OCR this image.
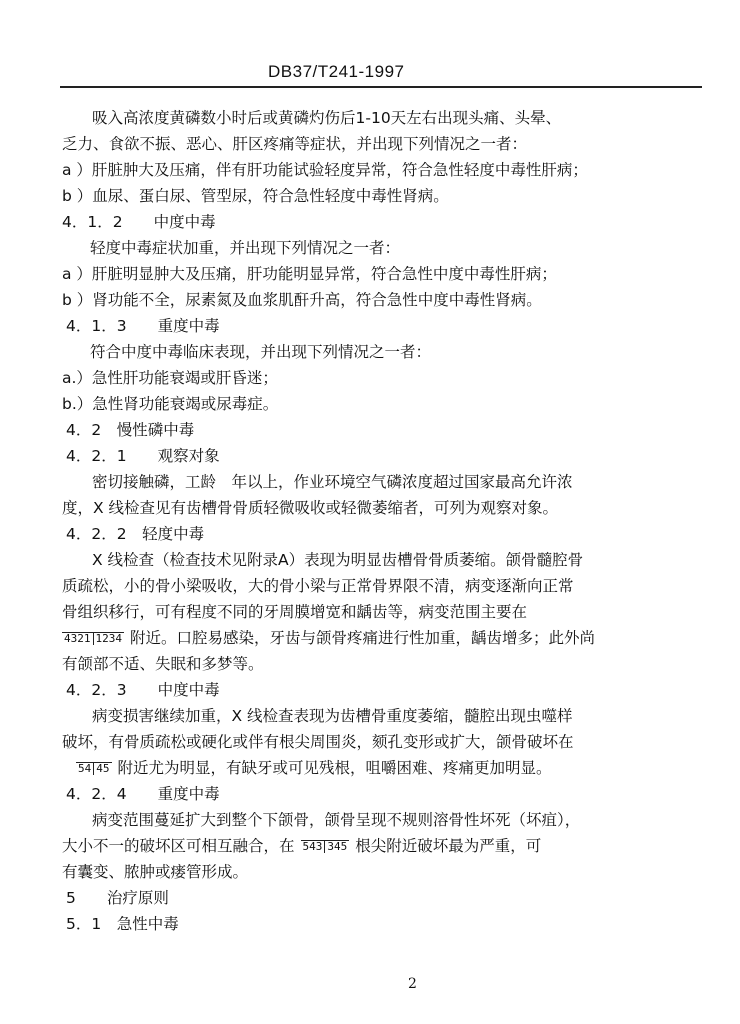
DB37/T241-1997
吸入高浓度黄磷数小时后或黄磷灼伤后1-10天左右出现头痛、头晕、
乏力、食欲不振、恶心、肝区疼痛等症状，并出现下列情况之一者：
a ）肝脏肿大及压痛，伴有肝功能试验轻度异常，符合急性轻度中毒性肝病；
b ）血尿、蛋白尿、管型尿，符合急性轻度中毒性肾病。
4．1．2　　中度中毒
轻度中毒症状加重，并出现下列情况之一者：
a ）肝脏明显肿大及压痛，肝功能明显异常，符合急性中度中毒性肝病；
b ）肾功能不全，尿素氮及血浆肌酐升高，符合急性中度中毒性肾病。
4．1．3　　重度中毒
符合中度中毒临床表现，并出现下列情况之一者：
a.）急性肝功能衰竭或肝昏迷；
b.）急性肾功能衰竭或尿毒症。
4．2　慢性磷中毒
4．2．1　　观察对象
密切接触磷，工龄　年以上，作业环境空气磷浓度超过国家最高允许浓
度，X 线检查见有齿槽骨骨质轻微吸收或轻微萎缩者，可列为观察对象。
4．2．2　轻度中毒
X 线检查（检查技术见附录A）表现为明显齿槽骨骨质萎缩。颌骨髓腔骨
质疏松，小的骨小梁吸收，大的骨小梁与正常骨界限不清，病变逐渐向正常
骨组织移行，可有程度不同的牙周膜增宽和龋齿等，病变范围主要在
4321 1234 附近。口腔易感染，牙齿与颌骨疼痛进行性加重，龋齿增多；此外尚
有颌部不适、失眠和多梦等。
4．2．3　　中度中毒
病变损害继续加重，X 线检查表现为齿槽骨重度萎缩，髓腔出现虫噬样
破坏，有骨质疏松或硬化或伴有根尖周围炎，颏孔变形或扩大，颌骨破坏在
54 45 附近尤为明显，有缺牙或可见残根，咀嚼困难、疼痛更加明显。
4．2．4　　重度中毒
病变范围蔓延扩大到整个下颌骨，颌骨呈现不规则溶骨性坏死（坏疽），
大小不一的破坏区可相互融合，在 543 345 根尖附近破坏最为严重，可
有囊变、脓肿或瘘管形成。
5　　治疗原则
5．1　急性中毒
2
